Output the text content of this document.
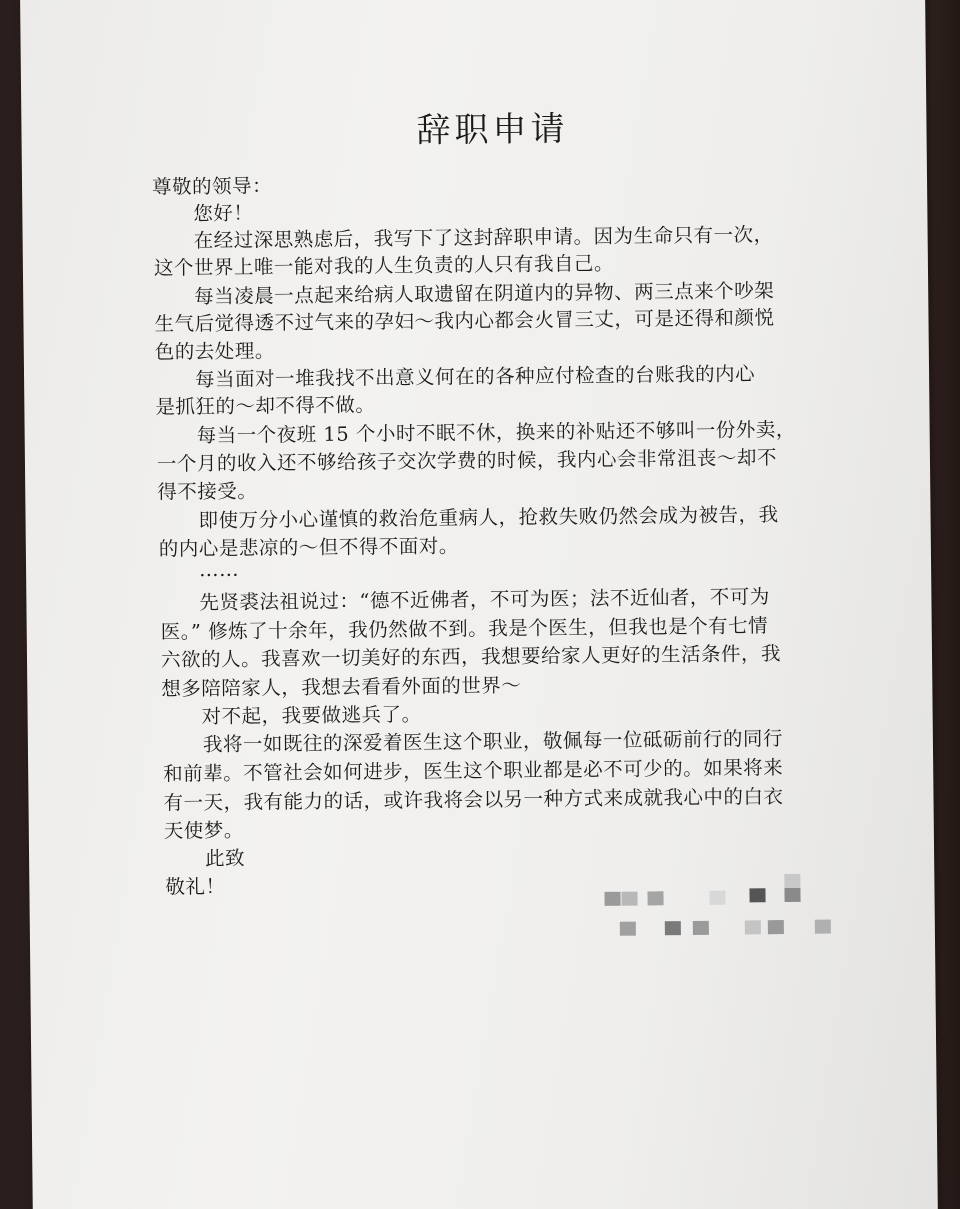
辞职申请
尊敬的领导：
您好！
在经过深思熟虑后，我写下了这封辞职申请。因为生命只有一次，
这个世界上唯一能对我的人生负责的人只有我自己。
每当凌晨一点起来给病人取遗留在阴道内的异物、两三点来个吵架
生气后觉得透不过气来的孕妇～我内心都会火冒三丈，可是还得和颜悦
色的去处理。
每当面对一堆我找不出意义何在的各种应付检查的台账我的内心
是抓狂的～却不得不做。
每当一个夜班 15 个小时不眠不休，换来的补贴还不够叫一份外卖，
一个月的收入还不够给孩子交次学费的时候，我内心会非常沮丧～却不
得不接受。
即使万分小心谨慎的救治危重病人，抢救失败仍然会成为被告，我
的内心是悲凉的～但不得不面对。
……
先贤裘法祖说过：“德不近佛者，不可为医；法不近仙者，不可为
医。” 修炼了十余年，我仍然做不到。我是个医生，但我也是个有七情
六欲的人。我喜欢一切美好的东西，我想要给家人更好的生活条件，我
想多陪陪家人，我想去看看外面的世界～
对不起，我要做逃兵了。
我将一如既往的深爱着医生这个职业，敬佩每一位砥砺前行的同行
和前辈。不管社会如何进步，医生这个职业都是必不可少的。如果将来
有一天，我有能力的话，或许我将会以另一种方式来成就我心中的白衣
天使梦。
此致
敬礼！
